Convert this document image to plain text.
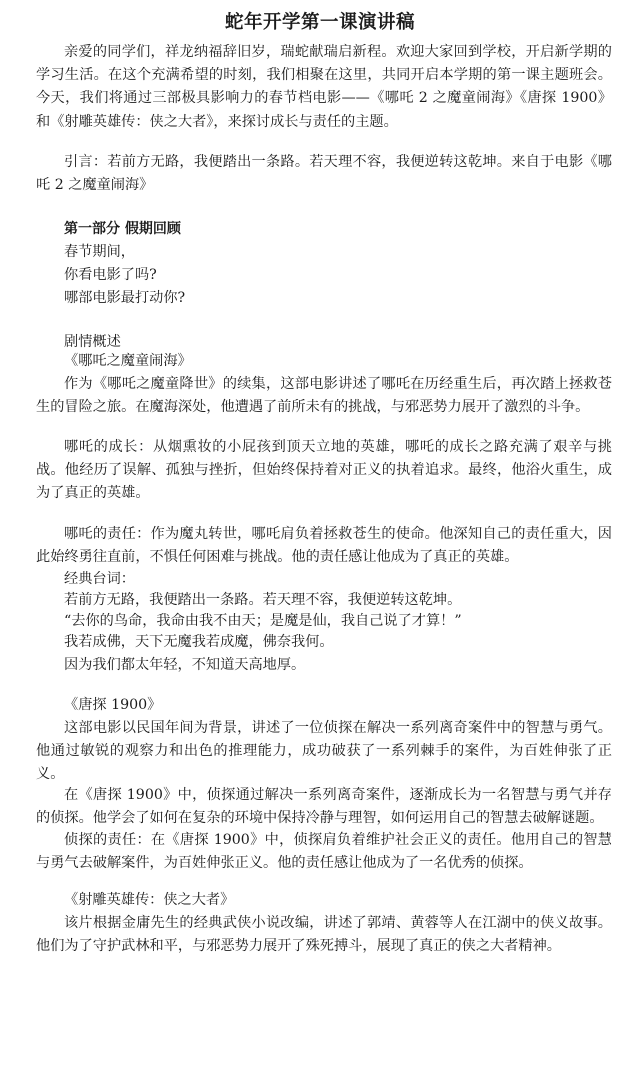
蛇年开学第一课演讲稿
亲爱的同学们，祥龙纳福辞旧岁，瑞蛇献瑞启新程。欢迎大家回到学校，开启新学期的学习生活。在这个充满希望的时刻，我们相聚在这里，共同开启本学期的第一课主题班会。今天，我们将通过三部极具影响力的春节档电影——《哪吒 2 之魔童闹海》《唐探 1900》和《射雕英雄传：侠之大者》，来探讨成长与责任的主题。
引言：若前方无路，我便踏出一条路。若天理不容，我便逆转这乾坤。来自于电影《哪吒 2 之魔童闹海》
第一部分 假期回顾
春节期间，
你看电影了吗?
哪部电影最打动你?
剧情概述
《哪吒之魔童闹海》
作为《哪吒之魔童降世》的续集，这部电影讲述了哪吒在历经重生后，再次踏上拯救苍生的冒险之旅。在魔海深处，他遭遇了前所未有的挑战，与邪恶势力展开了激烈的斗争。
哪吒的成长：从烟熏妆的小屁孩到顶天立地的英雄，哪吒的成长之路充满了艰辛与挑战。他经历了误解、孤独与挫折，但始终保持着对正义的执着追求。最终，他浴火重生，成为了真正的英雄。
哪吒的责任：作为魔丸转世，哪吒肩负着拯救苍生的使命。他深知自己的责任重大，因此始终勇往直前，不惧任何困难与挑战。他的责任感让他成为了真正的英雄。
经典台词：
若前方无路，我便踏出一条路。若天理不容，我便逆转这乾坤。
“去你的鸟命，我命由我不由天；是魔是仙，我自己说了才算！”
我若成佛，天下无魔我若成魔，佛奈我何。
因为我们都太年轻，不知道天高地厚。
《唐探 1900》
这部电影以民国年间为背景，讲述了一位侦探在解决一系列离奇案件中的智慧与勇气。他通过敏锐的观察力和出色的推理能力，成功破获了一系列棘手的案件，为百姓伸张了正义。
在《唐探 1900》中，侦探通过解决一系列离奇案件，逐渐成长为一名智慧与勇气并存的侦探。他学会了如何在复杂的环境中保持冷静与理智，如何运用自己的智慧去破解谜题。
侦探的责任：在《唐探 1900》中，侦探肩负着维护社会正义的责任。他用自己的智慧与勇气去破解案件，为百姓伸张正义。他的责任感让他成为了一名优秀的侦探。
《射雕英雄传：侠之大者》
该片根据金庸先生的经典武侠小说改编，讲述了郭靖、黄蓉等人在江湖中的侠义故事。他们为了守护武林和平，与邪恶势力展开了殊死搏斗，展现了真正的侠之大者精神。
